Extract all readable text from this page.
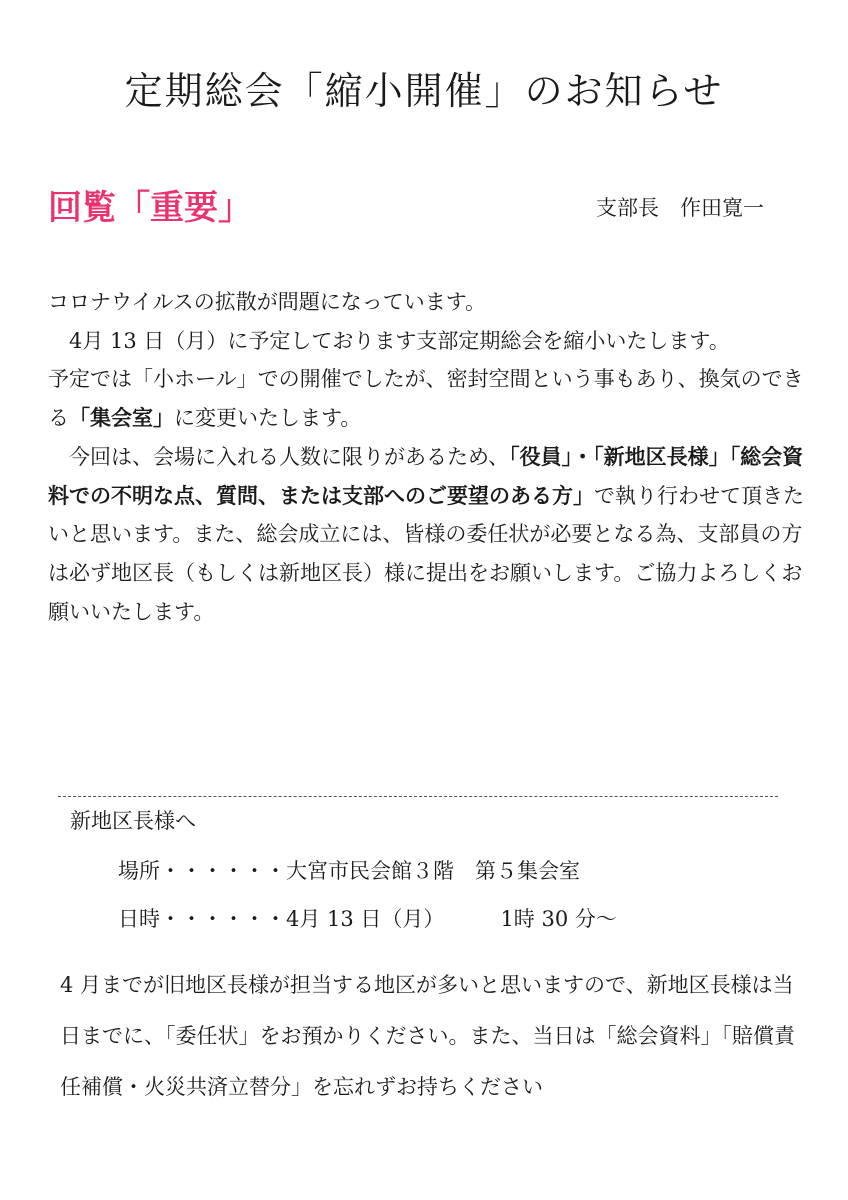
定期総会「縮小開催」のお知らせ
回覧「重要」	支部長　作田寛一

コロナウイルスの拡散が問題になっています。

　4月 13 日（月）に予定しております支部定期総会を縮小いたします。

予定では「小ホール」での開催でしたが、密封空間という事もあり、換気のできる「集会室」に変更いたします。

　今回は、会場に入れる人数に限りがあるため、「役員」・「新地区長様」「総会資料での不明な点、質問、または支部へのご要望のある方」で執り行わせて頂きたいと思います。また、総会成立には、皆様の委任状が必要となる為、支部員の方は必ず地区長（もしくは新地区長）様に提出をお願いします。ご協力よろしくお願いいたします。

新地区長様へ
場所・・・・・・大宮市民会館３階　第５集会室
日時・・・・・・4月 13 日（月）	1時 30 分～

4 月までが旧地区長様が担当する地区が多いと思いますので、新地区長様は当日までに、「委任状」をお預かりください。また、当日は「総会資料」「賠償責任補償・火災共済立替分」を忘れずお持ちください
